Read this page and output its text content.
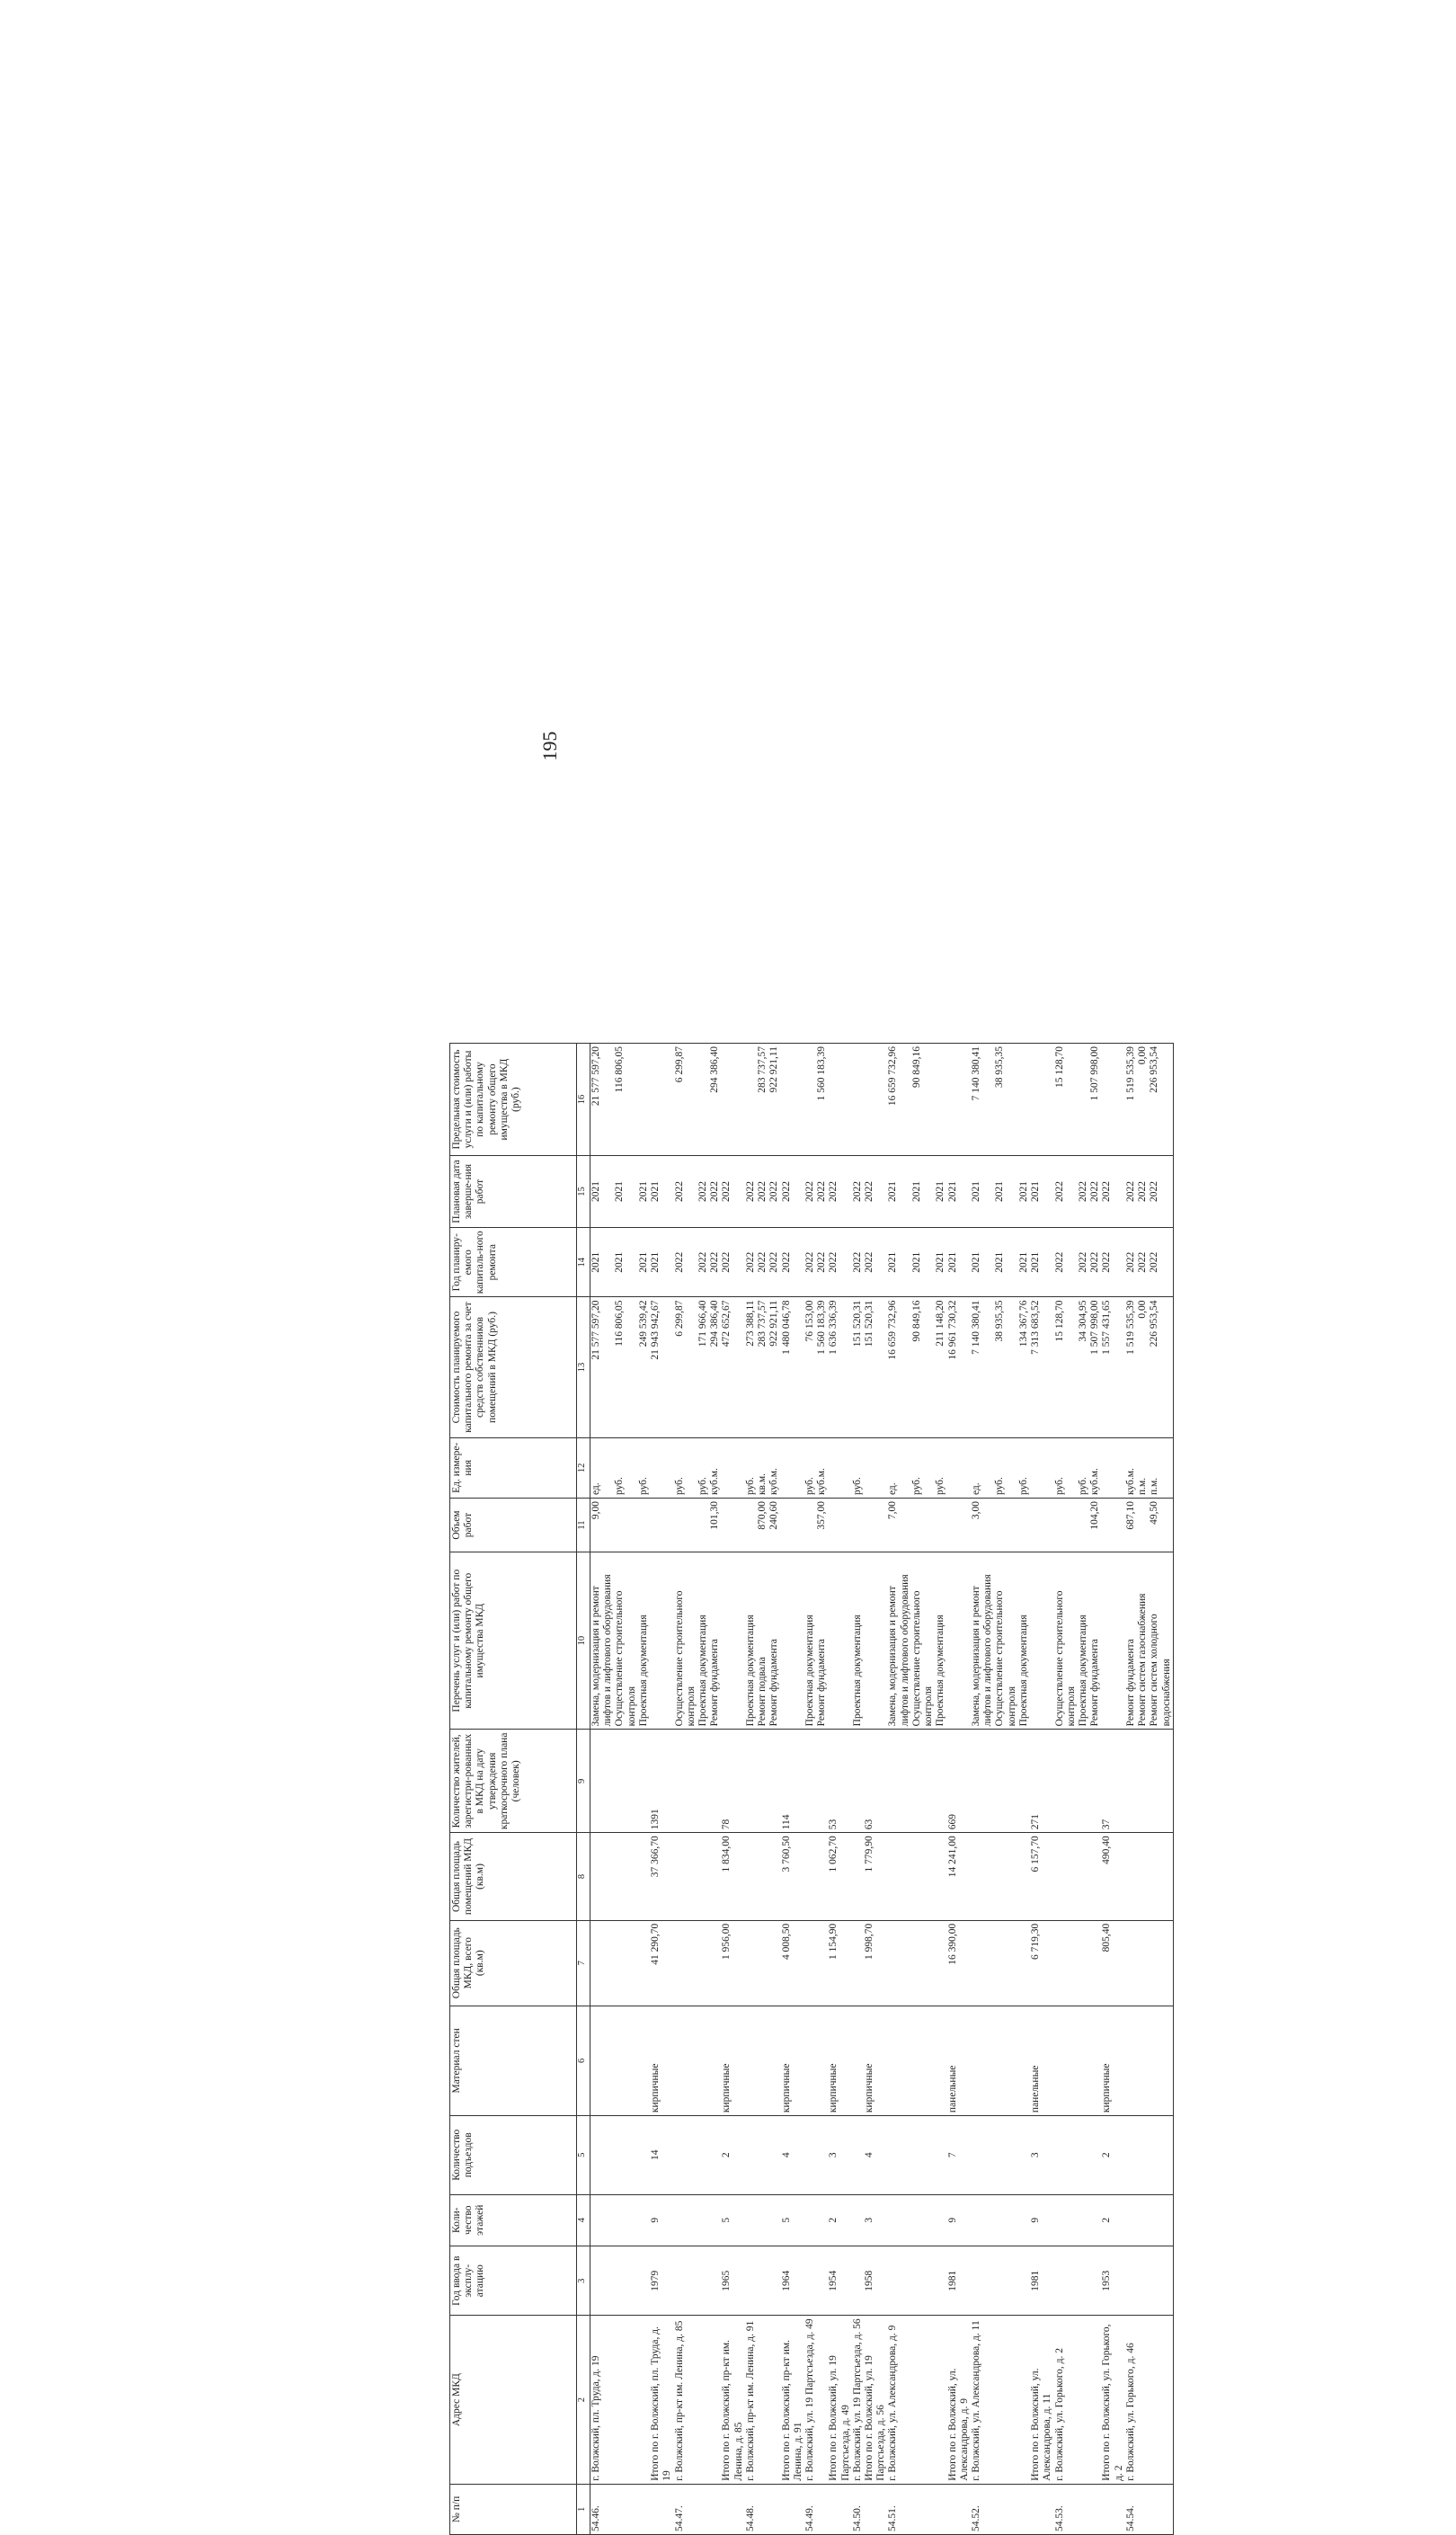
195
№ п/п	Адрес МКД	Год ввода в эксплу-атацию	Коли-чество этажей	Количество подъездов	Материал стен	Общая площадь МКД, всего (кв.м)	Общая площадь помещений МКД (кв.м)	Количество жителей, зарегистри-рованных в МКД на дату утверждения краткосрочного плана (человек)	Перечень услуг и (или) работ по капитальному ремонту общего имущества МКД	Объем работ	Ед. измере-ния	Стоимость планируемого капитального ремонта за счет средств собственников помещений в МКД (руб.)	Год планиру-емого капиталь-ного ремонта	Плановая дата заверше-ния работ	Предельная стоимость услуги и (или) работы по капитальному ремонту общего имущества в МКД (руб.)
1	2	3	4	5	6	7	8	9	10	11	12	13	14	15	16
54.46.	г. Волжский, пл. Труда, д. 19								Замена, модернизация и ремонт лифтов и лифтового оборудования	9,00	ед.	21 577 597,20	2021	2021	21 577 597,20
									Осуществление строительного контроля		руб.	116 806,05	2021	2021	116 806,05
									Проектная документация		руб.	249 539,42	2021	2021	
	Итого по г. Волжский, пл. Труда, д. 19	1979	9	14	кирпичные	41 290,70	37 366,70	1391				21 943 942,67	2021	2021	
54.47.	г. Волжский, пр-кт им. Ленина, д. 85								Осуществление строительного контроля		руб.	6 299,87	2022	2022	6 299,87
									Проектная документация		руб.	171 966,40	2022	2022	
									Ремонт фундамента	101,30	куб.м.	294 386,40	2022	2022	294 386,40
	Итого по г. Волжский, пр-кт им. Ленина, д. 85	1965	5	2	кирпичные	1 956,00	1 834,00	78				472 652,67	2022	2022	
54.48.	г. Волжский, пр-кт им. Ленина, д. 91								Проектная документация		руб.	273 388,11	2022	2022	
									Ремонт подвала	870,00	кв.м.	283 737,57	2022	2022	283 737,57
									Ремонт фундамента	240,60	куб.м.	922 921,11	2022	2022	922 921,11
	Итого по г. Волжский, пр-кт им. Ленина, д. 91	1964	5	4	кирпичные	4 008,50	3 760,50	114				1 480 046,78	2022	2022	
54.49.	г. Волжский, ул. 19 Партсъезда, д. 49								Проектная документация		руб.	76 153,00	2022	2022	
									Ремонт фундамента	357,00	куб.м.	1 560 183,39	2022	2022	1 560 183,39
	Итого по г. Волжский, ул. 19 Партсъезда, д. 49	1954	2	3	кирпичные	1 154,90	1 062,70	53				1 636 336,39	2022	2022	
54.50.	г. Волжский, ул. 19 Партсъезда, д. 56								Проектная документация		руб.	151 520,31	2022	2022	
	Итого по г. Волжский, ул. 19 Партсъезда, д. 56	1958	3	4	кирпичные	1 998,70	1 779,90	63				151 520,31	2022	2022	
54.51.	г. Волжский, ул. Александрова, д. 9								Замена, модернизация и ремонт лифтов и лифтового оборудования	7,00	ед.	16 659 732,96	2021	2021	16 659 732,96
									Осуществление строительного контроля		руб.	90 849,16	2021	2021	90 849,16
									Проектная документация		руб.	211 148,20	2021	2021	
	Итого по г. Волжский, ул. Александрова, д. 9	1981	9	7	панельные	16 390,00	14 241,00	669				16 961 730,32	2021	2021	
54.52.	г. Волжский, ул. Александрова, д. 11								Замена, модернизация и ремонт лифтов и лифтового оборудования	3,00	ед.	7 140 380,41	2021	2021	7 140 380,41
									Осуществление строительного контроля		руб.	38 935,35	2021	2021	38 935,35
									Проектная документация		руб.	134 367,76	2021	2021	
	Итого по г. Волжский, ул. Александрова, д. 11	1981	9	3	панельные	6 719,30	6 157,70	271				7 313 683,52	2021	2021	
54.53.	г. Волжский, ул. Горького, д. 2								Осуществление строительного контроля		руб.	15 128,70	2022	2022	15 128,70
									Проектная документация		руб.	34 304,95	2022	2022	
									Ремонт фундамента	104,20	куб.м.	1 507 998,00	2022	2022	1 507 998,00
	Итого по г. Волжский, ул. Горького, д. 2	1953	2	2	кирпичные	805,40	490,40	37				1 557 431,65	2022	2022	
54.54.	г. Волжский, ул. Горького, д. 46								Ремонт фундамента	687,10	куб.м.	1 519 535,39	2022	2022	1 519 535,39
									Ремонт систем газоснабжения		п.м.	0,00	2022	2022	0,00
									Ремонт систем холодного водоснабжения	49,50	п.м.	226 953,54	2022	2022	226 953,54
